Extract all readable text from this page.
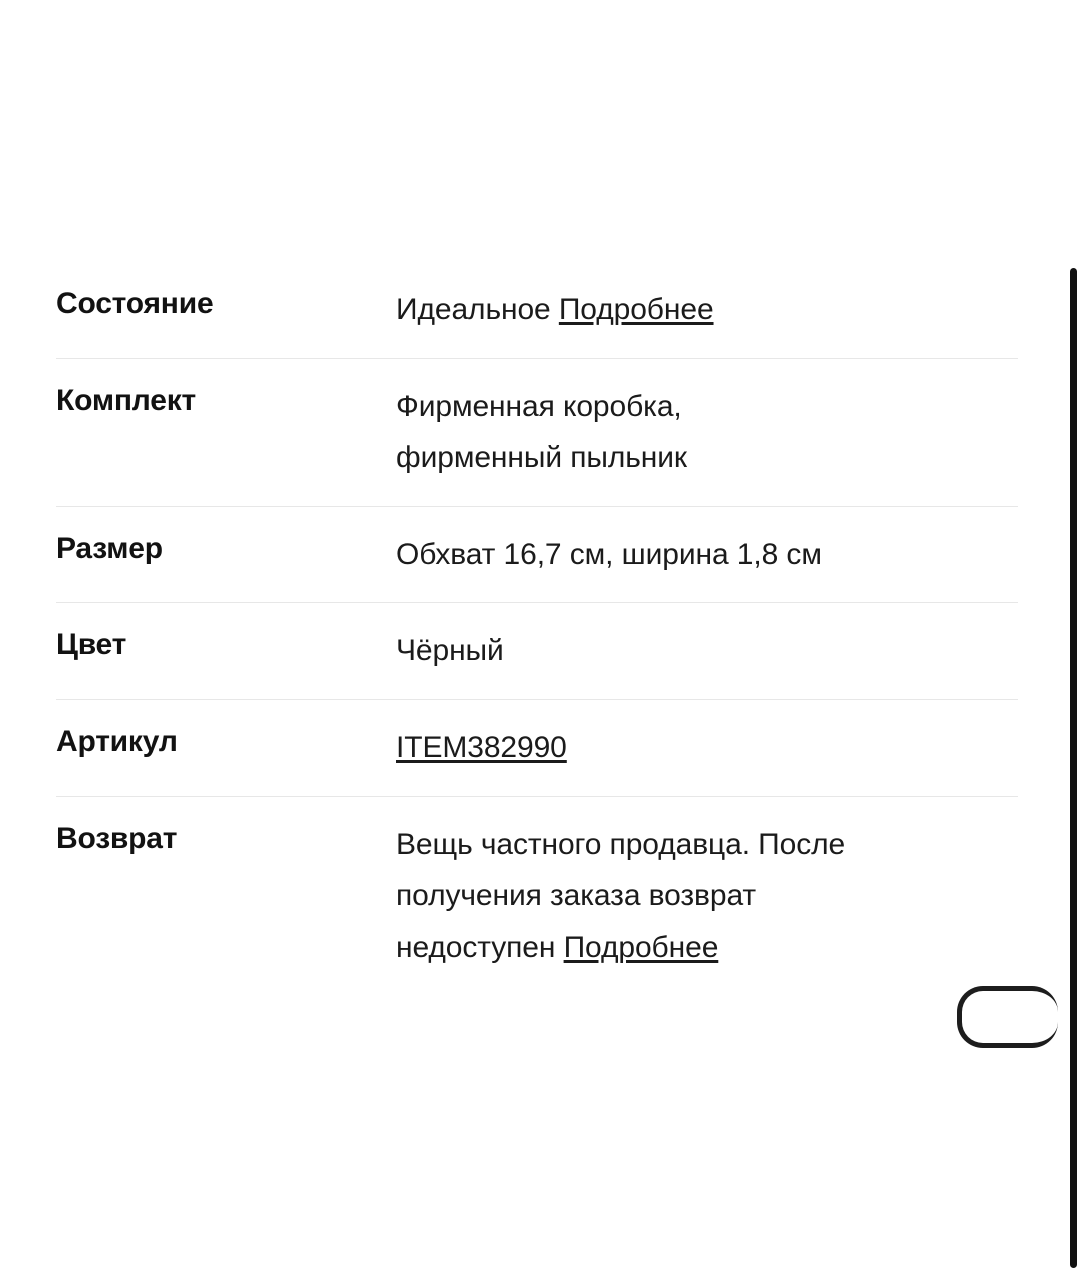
Состояние	Идеальное Подробнее
Комплект	Фирменная коробка,
фирменный пыльник
Размер	Обхват 16,7 см, ширина 1,8 см
Цвет	Чёрный
Артикул	ITEM382990
Возврат	Вещь частного продавца. После
получения заказа возврат
недоступен Подробнее
